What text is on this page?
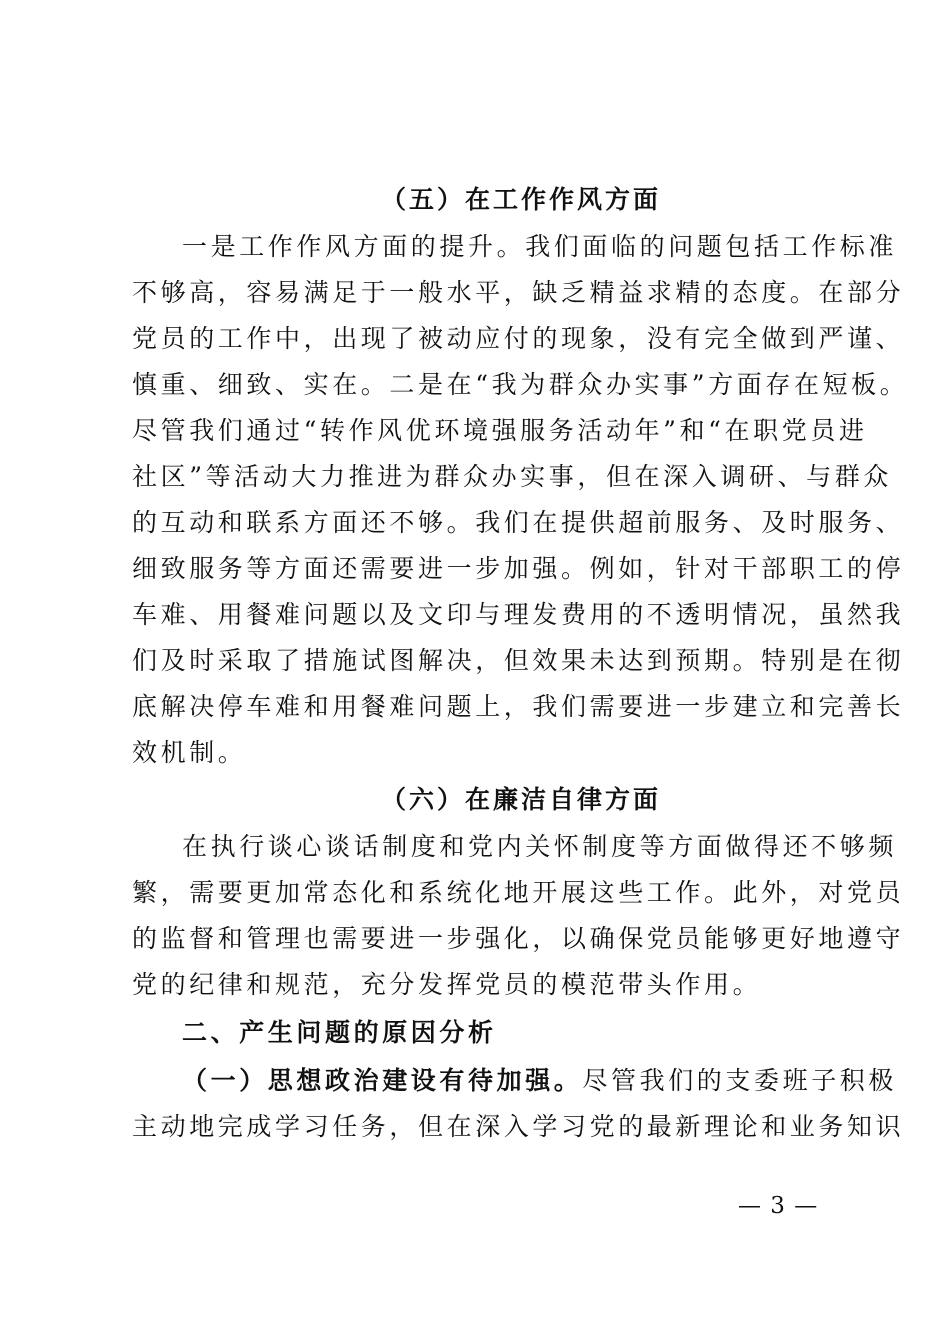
（五）在工作作风方面
一是工作作风方面的提升。我们面临的问题包括工作标准
不够高，容易满足于一般水平，缺乏精益求精的态度。在部分
党员的工作中，出现了被动应付的现象，没有完全做到严谨、
慎重、细致、实在。二是在“我为群众办实事”方面存在短板。
尽管我们通过“转作风优环境强服务活动年”和“在职党员进
社区”等活动大力推进为群众办实事，但在深入调研、与群众
的互动和联系方面还不够。我们在提供超前服务、及时服务、
细致服务等方面还需要进一步加强。例如，针对干部职工的停
车难、用餐难问题以及文印与理发费用的不透明情况，虽然我
们及时采取了措施试图解决，但效果未达到预期。特别是在彻
底解决停车难和用餐难问题上，我们需要进一步建立和完善长
效机制。
（六）在廉洁自律方面
在执行谈心谈话制度和党内关怀制度等方面做得还不够频
繁，需要更加常态化和系统化地开展这些工作。此外，对党员
的监督和管理也需要进一步强化，以确保党员能够更好地遵守
党的纪律和规范，充分发挥党员的模范带头作用。
二、产生问题的原因分析
（一）思想政治建设有待加强。尽管我们的支委班子积极
主动地完成学习任务，但在深入学习党的最新理论和业务知识
— 3 —
